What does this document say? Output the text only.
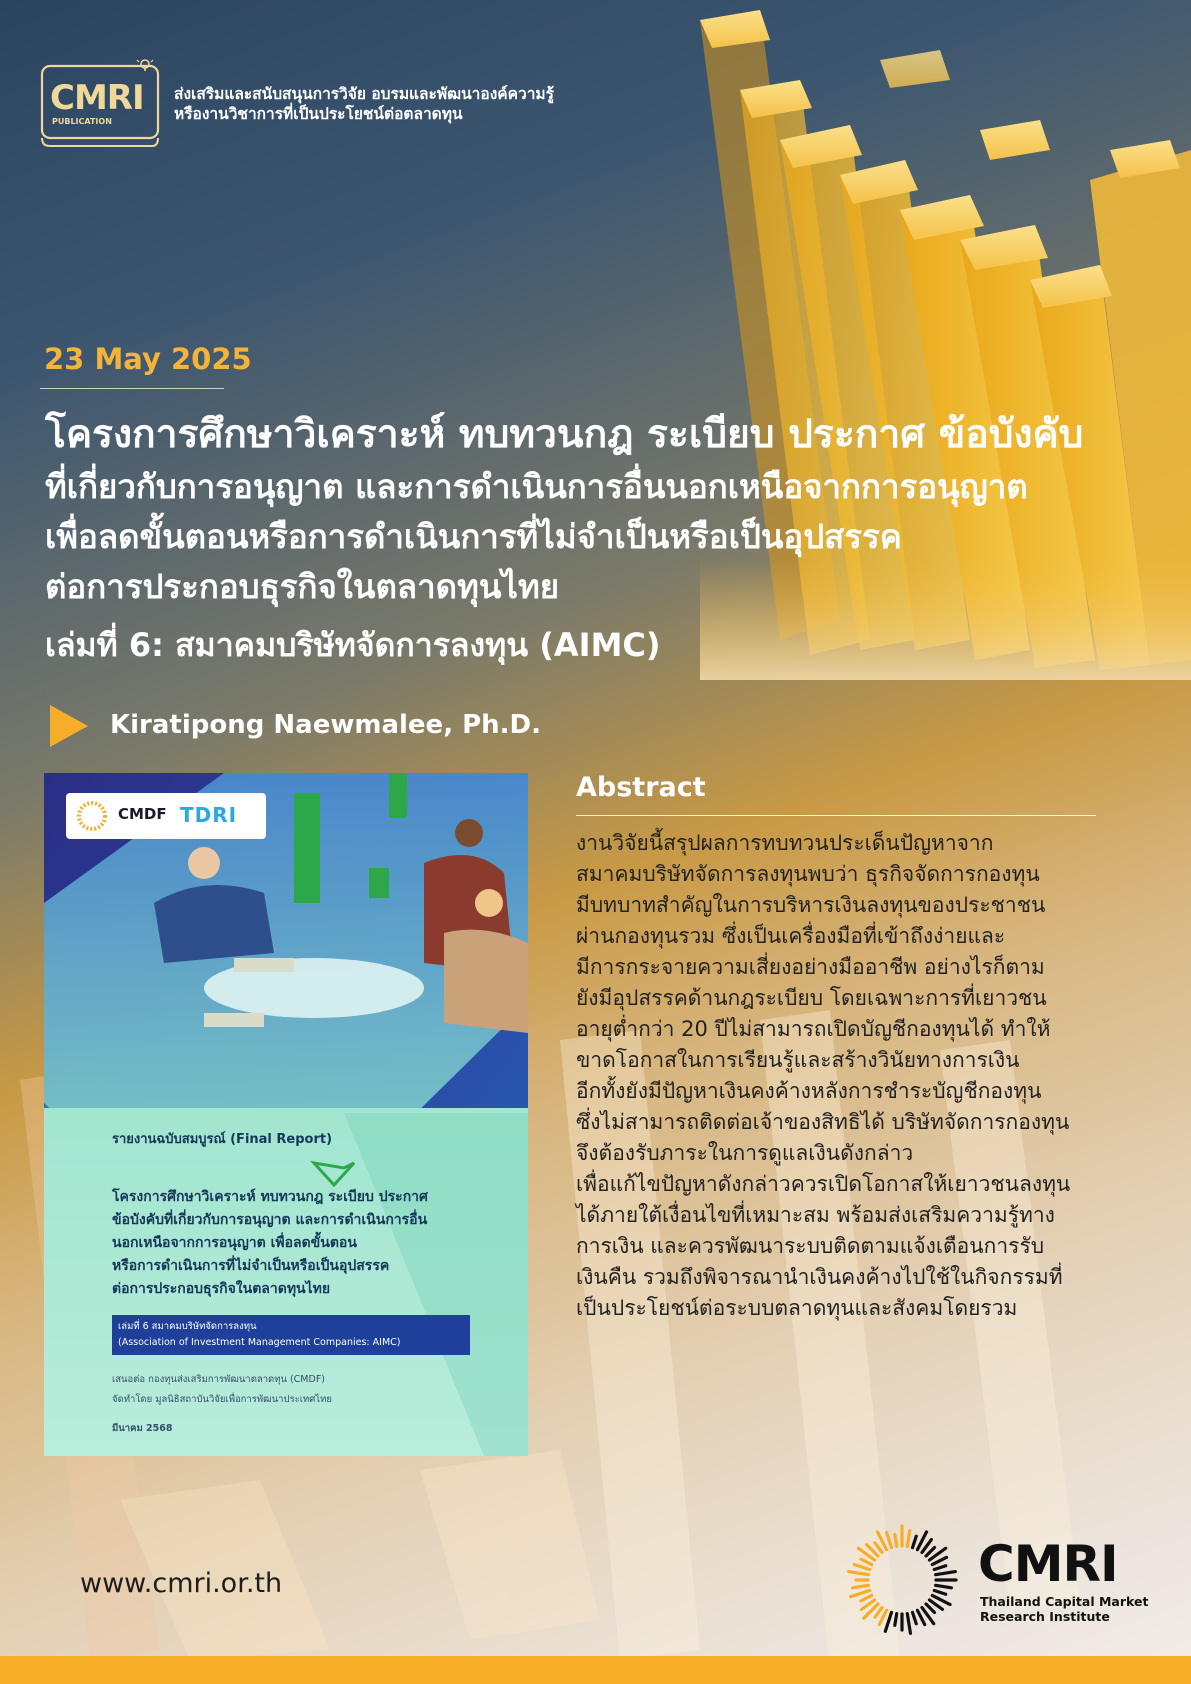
CMRI
PUBLICATION
ส่งเสริมและสนับสนุนการวิจัย อบรมและพัฒนาองค์ความรู้
หรืองานวิชาการที่เป็นประโยชน์ต่อตลาดทุน
23 May 2025
โครงการศึกษาวิเคราะห์ ทบทวนกฎ ระเบียบ ประกาศ ข้อบังคับ
ที่เกี่ยวกับการอนุญาต และการดำเนินการอื่นนอกเหนือจากการอนุญาต
เพื่อลดขั้นตอนหรือการดำเนินการที่ไม่จำเป็นหรือเป็นอุปสรรค
ต่อการประกอบธุรกิจในตลาดทุนไทย
เล่มที่ 6: สมาคมบริษัทจัดการลงทุน (AIMC)
Kiratipong Naewmalee, Ph.D.
CMDF TDRI
รายงานฉบับสมบูรณ์ (Final Report)
โครงการศึกษาวิเคราะห์ ทบทวนกฎ ระเบียบ ประกาศ
ข้อบังคับที่เกี่ยวกับการอนุญาต และการดำเนินการอื่น
นอกเหนือจากการอนุญาต เพื่อลดขั้นตอน
หรือการดำเนินการที่ไม่จำเป็นหรือเป็นอุปสรรค
ต่อการประกอบธุรกิจในตลาดทุนไทย
เล่มที่ 6 สมาคมบริษัทจัดการลงทุน
(Association of Investment Management Companies: AIMC)
เสนอต่อ กองทุนส่งเสริมการพัฒนาตลาดทุน (CMDF)
จัดทำโดย มูลนิธิสถาบันวิจัยเพื่อการพัฒนาประเทศไทย
มีนาคม 2568
Abstract
งานวิจัยนี้สรุปผลการทบทวนประเด็นปัญหาจาก
สมาคมบริษัทจัดการลงทุนพบว่า ธุรกิจจัดการกองทุน
มีบทบาทสำคัญในการบริหารเงินลงทุนของประชาชน
ผ่านกองทุนรวม ซึ่งเป็นเครื่องมือที่เข้าถึงง่ายและ
มีการกระจายความเสี่ยงอย่างมืออาชีพ อย่างไรก็ตาม
ยังมีอุปสรรคด้านกฎระเบียบ โดยเฉพาะการที่เยาวชน
อายุต่ำกว่า 20 ปีไม่สามารถเปิดบัญชีกองทุนได้ ทำให้
ขาดโอกาสในการเรียนรู้และสร้างวินัยทางการเงิน
อีกทั้งยังมีปัญหาเงินคงค้างหลังการชำระบัญชีกองทุน
ซึ่งไม่สามารถติดต่อเจ้าของสิทธิได้ บริษัทจัดการกองทุน
จึงต้องรับภาระในการดูแลเงินดังกล่าว
เพื่อแก้ไขปัญหาดังกล่าวควรเปิดโอกาสให้เยาวชนลงทุน
ได้ภายใต้เงื่อนไขที่เหมาะสม พร้อมส่งเสริมความรู้ทาง
การเงิน และควรพัฒนาระบบติดตามแจ้งเตือนการรับ
เงินคืน รวมถึงพิจารณานำเงินคงค้างไปใช้ในกิจกรรมที่
เป็นประโยชน์ต่อระบบตลาดทุนและสังคมโดยรวม
www.cmri.or.th	CMRI
Thailand Capital Market
Research Institute
